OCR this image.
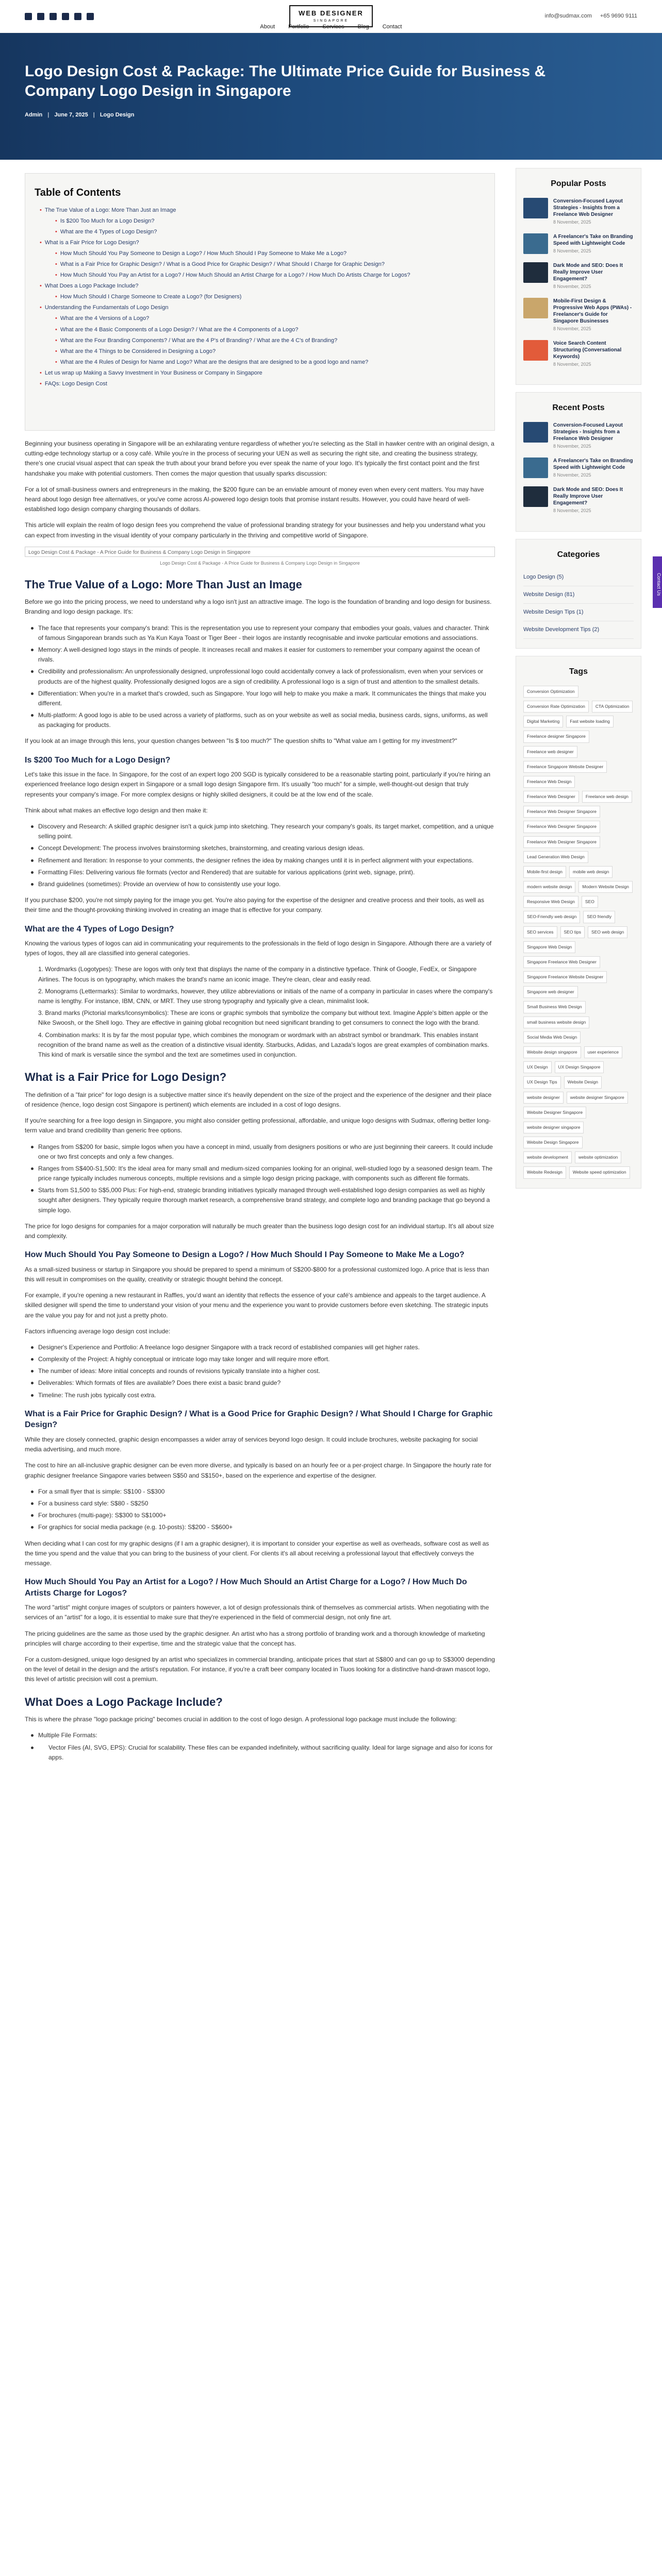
WEB DESIGNER
SINGAPORE
info@sudmax.com +65 9690 9111
About Portfolio Services Blog Contact
Logo Design Cost & Package: The Ultimate Price Guide for Business & Company Logo Design in Singapore
Admin | June 7, 2025 | Logo Design
Table of Contents
• The True Value of a Logo: More Than Just an Image
• Is $200 Too Much for a Logo Design?
• What are the 4 Types of Logo Design?
• What is a Fair Price for Logo Design?
• How Much Should You Pay Someone to Design a Logo? / How Much Should I Pay Someone to Make Me a Logo?
• What is a Fair Price for Graphic Design? / What is a Good Price for Graphic Design? / What Should I Charge for Graphic Design?
• How Much Should You Pay an Artist for a Logo? / How Much Should an Artist Charge for a Logo? / How Much Do Artists Charge for Logos?
• What Does a Logo Package Include?
• How Much Should I Charge Someone to Create a Logo? (for Designers)
• Understanding the Fundamentals of Logo Design
• What are the 4 Versions of a Logo?
• What are the 4 Basic Components of a Logo Design? / What are the 4 Components of a Logo?
• What are the Four Branding Components? / What are the 4 P's of Branding? / What are the 4 C's of Branding?
• What are the 4 Things to be Considered in Designing a Logo?
• What are the 4 Rules of Design for Name and Logo? What are the designs that are designed to be a good logo and name?
• Let us wrap up Making a Savvy Investment in Your Business or Company in Singapore
• FAQs: Logo Design Cost

Beginning your business operating in Singapore will be an exhilarating venture regardless of whether you're selecting as the Stall in hawker centre with an original design, a cutting-edge technology startup or a cosy café. While you're in the process of securing your UEN as well as securing the right site, and creating the business strategy, there's one crucial visual aspect that can speak the truth about your brand before you ever speak the name of your logo. It's typically the first contact point and the first handshake you make with potential customers. Then comes the major question that usually sparks discussion:

For a lot of small-business owners and entrepreneurs in the making, the $200 figure can be an enviable amount of money even when every cent matters. You may have heard about logo design free alternatives, or you've come across AI-powered logo design tools that promise instant results. However, you could have heard of well-established logo design company charging thousands of dollars.

This article will explain the realm of logo design fees you comprehend the value of professional branding strategy for your businesses and help you understand what you can expect from investing in the visual identity of your company particularly in the thriving and competitive world of Singapore.

Logo Design Cost & Package - A Price Guide for Business & Company Logo Design in Singapore
Logo Design Cost & Package - A Price Guide for Business & Company Logo Design in Singapore
The True Value of a Logo: More Than Just an Image

Before we go into the pricing process, we need to understand why a logo isn't just an attractive image. The logo is the foundation of branding and logo design for business. Branding and logo design package. It's:

The face that represents your company's brand: This is the representation you use to represent your company that embodies your goals, values and character. Think of famous Singaporean brands such as Ya Kun Kaya Toast or Tiger Beer - their logos are instantly recognisable and invoke particular emotions and associations.
Memory: A well-designed logo stays in the minds of people. It increases recall and makes it easier for customers to remember your company against the ocean of rivals.
Credibility and professionalism: An unprofessionally designed, unprofessional logo could accidentally convey a lack of professionalism, even when your services or products are of the highest quality. Professionally designed logos are a sign of credibility. A professional logo is a sign of trust and attention to the smallest details.
Differentiation: When you're in a market that's crowded, such as Singapore. Your logo will help to make you make a mark. It communicates the things that make you different.
Multi-platform: A good logo is able to be used across a variety of platforms, such as on your website as well as social media, business cards, signs, uniforms, as well as packaging for products.

If you look at an image through this lens, your question changes between "Is $ too much?" The question shifts to "What value am I getting for my investment?"

Is $200 Too Much for a Logo Design?

Let's take this issue in the face. In Singapore, for the cost of an expert logo 200 SGD is typically considered to be a reasonable starting point, particularly if you're hiring an experienced freelance logo design expert in Singapore or a small logo design Singapore firm. It's usually "too much" for a simple, well-thought-out design that truly represents your company's image. For more complex designs or highly skilled designers, it could be at the low end of the scale.

Think about what makes an effective logo design and then make it:

Discovery and Research: A skilled graphic designer isn't a quick jump into sketching. They research your company's goals, its target market, competition, and a unique selling point.
Concept Development: The process involves brainstorming sketches, brainstorming, and creating various design ideas.
Refinement and Iteration: In response to your comments, the designer refines the idea by making changes until it is in perfect alignment with your expectations.
Formatting Files: Delivering various file formats (vector and Rendered) that are suitable for various applications (print web, signage, print).
Brand guidelines (sometimes): Provide an overview of how to consistently use your logo.

If you purchase $200, you're not simply paying for the image you get. You're also paying for the expertise of the designer and creative process and their tools, as well as their time and the thought-provoking thinking involved in creating an image that is effective for your company.

What are the 4 Types of Logo Design?

Knowing the various types of logos can aid in communicating your requirements to the professionals in the field of logo design in Singapore. Although there are a variety of types of logos, they all are classified into general categories.

1. Wordmarks (Logotypes): These are logos with only text that displays the name of the company in a distinctive typeface. Think of Google, FedEx, or Singapore Airlines. The focus is on typography, which makes the brand's name an iconic image. They're clean, clear and easily read.
2. Monograms (Lettermarks): Similar to wordmarks, however, they utilize abbreviations or initials of the name of a company in particular in cases where the company's name is lengthy. For instance, IBM, CNN, or MRT. They use strong typography and typically give a clean, minimalist look.
3. Brand marks (Pictorial marks/Iconsymbolics): These are icons or graphic symbols that symbolize the company but without text. Imagine Apple's bitten apple or the Nike Swoosh, or the Shell logo. They are effective in gaining global recognition but need significant branding to get consumers to connect the logo with the brand.
4. Combination marks: It is by far the most popular type, which combines the monogram or wordmark with an abstract symbol or brandmark. This enables instant recognition of the brand name as well as the creation of a distinctive visual identity. Starbucks, Adidas, and Lazada's logos are great examples of combination marks. This kind of mark is versatile since the symbol and the text are sometimes used in conjunction.
What is a Fair Price for Logo Design?

The definition of a "fair price" for logo design is a subjective matter since it's heavily dependent on the size of the project and the experience of the designer and their place of residence (hence, logo design cost Singapore is pertinent) which elements are included in a cost of logo designs.

If you're searching for a free logo design in Singapore, you might also consider getting professional, affordable, and unique logo designs with Sudmax, offering better long-term value and brand credibility than generic free options.

Ranges from S$200 for basic, simple logos when you have a concept in mind, usually from designers positions or who are just beginning their careers. It could include one or two first concepts and only a few changes.
Ranges from S$400-S1,500: It's the ideal area for many small and medium-sized companies looking for an original, well-studied logo by a seasoned design team. The price range typically includes numerous concepts, multiple revisions and a simple logo design pricing package, with components such as different file formats.
Starts from S1,500 to S$5,000 Plus: For high-end, strategic branding initiatives typically managed through well-established logo design companies as well as highly sought after designers. They typically require thorough market research, a comprehensive brand strategy, and complete logo and branding package that go beyond a simple logo.

The price for logo designs for companies for a major corporation will naturally be much greater than the business logo design cost for an individual startup. It's all about size and complexity.

How Much Should You Pay Someone to Design a Logo? / How Much Should I Pay Someone to Make Me a Logo?

As a small-sized business or startup in Singapore you should be prepared to spend a minimum of S$200-$800 for a professional customized logo. A price that is less than this will result in compromises on the quality, creativity or strategic thought behind the concept.

For example, if you're opening a new restaurant in Raffles, you'd want an identity that reflects the essence of your café's ambience and appeals to the target audience. A skilled designer will spend the time to understand your vision of your menu and the experience you want to provide customers before even sketching. The strategic inputs are the value you pay for and not just a pretty photo.

Factors influencing average logo design cost include:

Designer's Experience and Portfolio: A freelance logo designer Singapore with a track record of established companies will get higher rates.
Complexity of the Project: A highly conceptual or intricate logo may take longer and will require more effort.
The number of ideas: More initial concepts and rounds of revisions typically translate into a higher cost.
Deliverables: Which formats of files are available? Does there exist a basic brand guide?
Timeline: The rush jobs typically cost extra.
What is a Fair Price for Graphic Design? / What is a Good Price for Graphic Design? / What Should I Charge for Graphic Design?

While they are closely connected, graphic design encompasses a wider array of services beyond logo design. It could include brochures, website packaging for social media advertising, and much more.

The cost to hire an all-inclusive graphic designer can be even more diverse, and typically is based on an hourly fee or a per-project charge. In Singapore the hourly rate for graphic designer freelance Singapore varies between S$50 and S$150+, based on the experience and expertise of the designer.

For a small flyer that is simple: S$100 - S$300
For a business card style: S$80 - S$250
For brochures (multi-page): S$300 to S$1000+
For graphics for social media package (e.g. 10-posts): S$200 - S$600+

When deciding what I can cost for my graphic designs (if I am a graphic designer), it is important to consider your expertise as well as overheads, software cost as well as the time you spend and the value that you can bring to the business of your client. For clients it's all about receiving a professional layout that effectively conveys the message.

How Much Should You Pay an Artist for a Logo? / How Much Should an Artist Charge for a Logo? / How Much Do Artists Charge for Logos?

The word "artist" might conjure images of sculptors or painters however, a lot of design professionals think of themselves as commercial artists. When negotiating with the services of an "artist" for a logo, it is essential to make sure that they're experienced in the field of commercial design, not only fine art.

The pricing guidelines are the same as those used by the graphic designer. An artist who has a strong portfolio of branding work and a thorough knowledge of marketing principles will charge according to their expertise, time and the strategic value that the concept has.

For a custom-designed, unique logo designed by an artist who specializes in commercial branding, anticipate prices that start at S$800 and can go up to S$3000 depending on the level of detail in the design and the artist's reputation. For instance, if you're a craft beer company located in Tiuos looking for a distinctive hand-drawn mascot logo, this level of artistic precision will cost a premium.

What Does a Logo Package Include?

This is where the phrase "logo package pricing" becomes crucial in addition to the cost of logo design. A professional logo package must include the following:

Multiple File Formats:
Vector Files (AI, SVG, EPS): Crucial for scalability. These files can be expanded indefinitely, without sacrificing quality. Ideal for large signage and also for icons for apps.
Popular Posts
Conversion-Focused Layout Strategies - Insights from a Freelance Web Designer
8 November, 2025
A Freelancer's Take on Branding Speed with Lightweight Code
8 November, 2025
Dark Mode and SEO: Does It Really Improve User Engagement?
8 November, 2025
Mobile-First Design & Progressive Web Apps (PWAs) - Freelancer's Guide for Singapore Businesses
8 November, 2025
Voice Search Content Structuring (Conversational Keywords)
8 November, 2025
Recent Posts
Conversion-Focused Layout Strategies - Insights from a Freelance Web Designer
8 November, 2025
A Freelancer's Take on Branding Speed with Lightweight Code
8 November, 2025
Dark Mode and SEO: Does It Really Improve User Engagement?
8 November, 2025
Categories
Logo Design (5)
Website Design (81)
Website Design Tips (1)
Website Development Tips (2)
Tags
Conversion Optimization
Conversion Rate Optimization	CTA Optimization
Digital Marketing	Fast website loading
Freelance designer Singapore
Freelance web designer
Freelance Singapore Website Designer
Freelance Web Design
Freelance Web Designer	Freelance web design
Freelance Web Designer Singapore
Freelance Web Designer Singapore
Freelance Web Designer Singapore
Lead Generation Web Design
Mobile-first design	mobile web design
modern website design	Modern Website Design
Responsive Web Design	SEO
SEO-Friendly web design	SEO friendly
SEO services	SEO tips	SEO web design
Singapore Web Design
Singapore Freelance Web Designer
Singapore Freelance Website Designer
Singapore web designer
Small Business Web Design
small business website design
Social Media Web Design
Website design singapore	user experience
UX Design	UX Design Singapore
UX Design Tips	Website Design
website designer	website designer Singapore
Website Designer Singapore
website designer singapore
Website Design Singapore
website development	website optimization
Website Redesign	Website speed optimization
Contact Us
